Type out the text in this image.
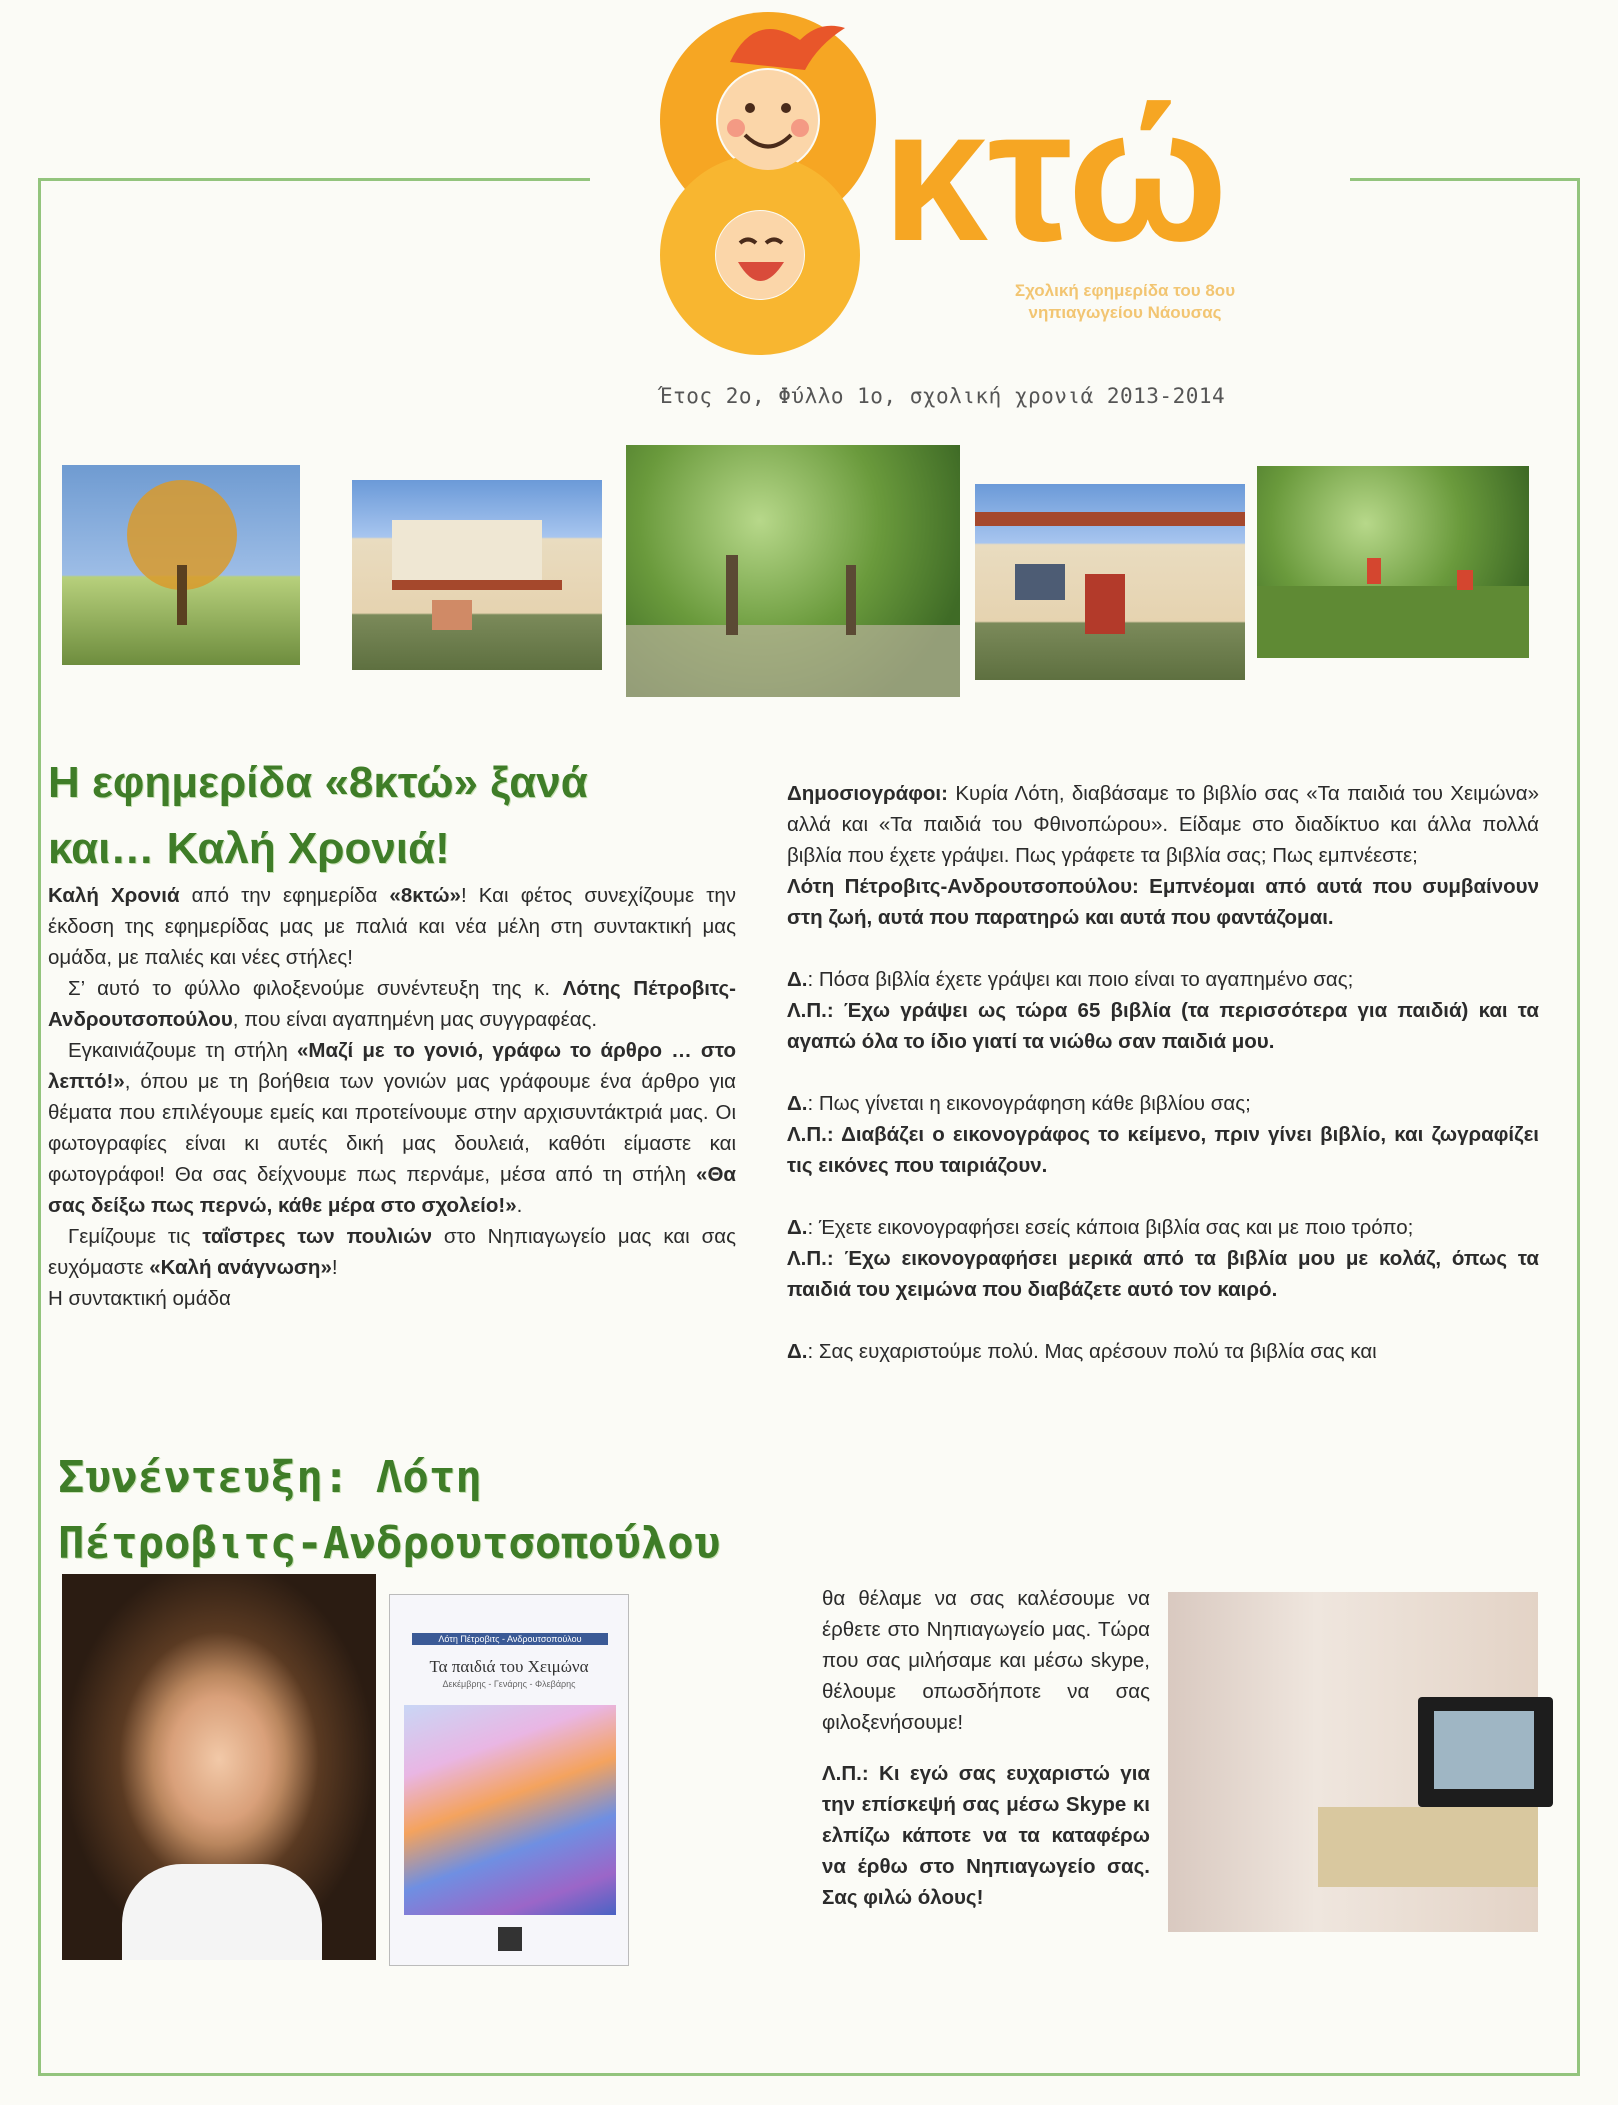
κτώ
Σχολική εφημερίδα του 8ου νηπιαγωγείου Νάουσας
Έτος 2ο, Φύλλο 1ο, σχολική χρονιά 2013-2014
Η εφημερίδα «8κτώ» ξανά
και… Καλή Χρονιά!

Καλή Χρονιά από την εφημερίδα «8κτώ»! Και φέτος συνεχίζουμε την έκδοση της εφημερίδας μας με παλιά και νέα μέλη στη συντακτική μας ομάδα, με παλιές και νέες στήλες!

Σ’ αυτό το φύλλο φιλοξενούμε συνέντευξη της κ. Λότης Πέτροβιτς-Ανδρουτσοπούλου, που είναι αγαπημένη μας συγγραφέας.

Εγκαινιάζουμε τη στήλη «Μαζί με το γονιό, γράφω το άρθρο … στο λεπτό!», όπου με τη βοήθεια των γονιών μας γράφουμε ένα άρθρο για θέματα που επιλέγουμε εμείς και προτείνουμε στην αρχισυντάκτριά μας. Οι φωτογραφίες είναι κι αυτές δική μας δουλειά, καθότι είμαστε και φωτογράφοι! Θα σας δείχνουμε πως περνάμε, μέσα από τη στήλη «Θα σας δείξω πως περνώ, κάθε μέρα στο σχολείο!».

Γεμίζουμε τις ταΐστρες των πουλιών στο Νηπιαγωγείο μας και σας ευχόμαστε «Καλή ανάγνωση»!

Η συντακτική ομάδα

Συνέντευξη: Λότη
Πέτροβιτς-Ανδρουτσοπούλου
Λότη Πέτροβιτς - Ανδρουτσοπούλου
Τα παιδιά του Χειμώνα
Δεκέμβρης - Γενάρης - Φλεβάρης

Δημοσιογράφοι: Κυρία Λότη, διαβάσαμε το βιβλίο σας «Τα παιδιά του Χειμώνα» αλλά και «Τα παιδιά του Φθινοπώρου». Είδαμε στο διαδίκτυο και άλλα πολλά βιβλία που έχετε γράψει. Πως γράφετε τα βιβλία σας; Πως εμπνέεστε;

Λότη Πέτροβιτς-Ανδρουτσοπούλου: Εμπνέομαι από αυτά που συμβαίνουν στη ζωή, αυτά που παρατηρώ και αυτά που φαντάζομαι.

Δ.: Πόσα βιβλία έχετε γράψει και ποιο είναι το αγαπημένο σας;

Λ.Π.: Έχω γράψει ως τώρα 65 βιβλία (τα περισσότερα για παιδιά) και τα αγαπώ όλα το ίδιο γιατί τα νιώθω σαν παιδιά μου.

Δ.: Πως γίνεται η εικονογράφηση κάθε βιβλίου σας;

Λ.Π.: Διαβάζει ο εικονογράφος το κείμενο, πριν γίνει βιβλίο, και ζωγραφίζει τις εικόνες που ταιριάζουν.

Δ.: Έχετε εικονογραφήσει εσείς κάποια βιβλία σας και με ποιο τρόπο;

Λ.Π.: Έχω εικονογραφήσει μερικά από τα βιβλία μου με κολάζ, όπως τα παιδιά του χειμώνα που διαβάζετε αυτό τον καιρό.

Δ.: Σας ευχαριστούμε πολύ. Μας αρέσουν πολύ τα βιβλία σας και

θα θέλαμε να σας καλέσουμε να έρθετε στο Νηπιαγωγείο μας. Τώρα που σας μιλήσαμε και μέσω skype, θέλουμε οπωσδήποτε να σας φιλοξενήσουμε!

Λ.Π.: Κι εγώ σας ευχαριστώ για την επίσκεψή σας μέσω Skype κι ελπίζω κάποτε να τα καταφέρω να έρθω στο Νηπιαγωγείο σας. Σας φιλώ όλους!
